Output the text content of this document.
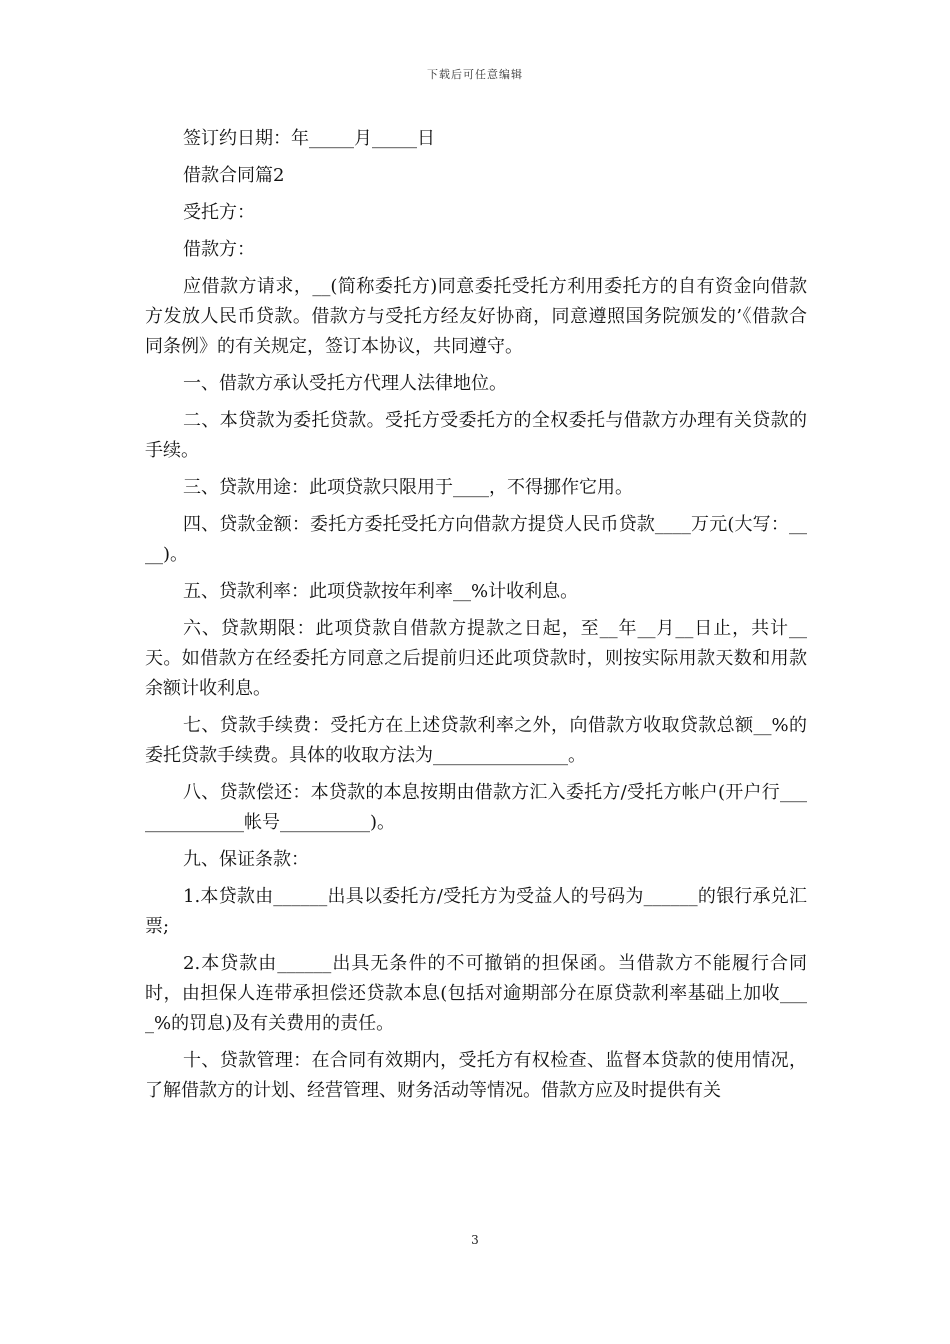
下载后可任意编辑

签订约日期：年_____月_____日

借款合同篇2

受托方：

借款方：

应借款方请求，__(简称委托方)同意委托受托方利用委托方的自有资金向借款方发放人民币贷款。借款方与受托方经友好协商，同意遵照国务院颁发的’《借款合同条例》的有关规定，签订本协议，共同遵守。

一、借款方承认受托方代理人法律地位。

二、本贷款为委托贷款。受托方受委托方的全权委托与借款方办理有关贷款的手续。

三、贷款用途：此项贷款只限用于____，不得挪作它用。

四、贷款金额：委托方委托受托方向借款方提贷人民币贷款____万元(大写：____)。

五、贷款利率：此项贷款按年利率__%计收利息。

六、贷款期限：此项贷款自借款方提款之日起，至__年__月__日止，共计__天。如借款方在经委托方同意之后提前归还此项贷款时，则按实际用款天数和用款余额计收利息。

七、贷款手续费：受托方在上述贷款利率之外，向借款方收取贷款总额__%的委托贷款手续费。具体的收取方法为_______________。

八、贷款偿还：本贷款的本息按期由借款方汇入委托方/受托方帐户(开户行______________帐号__________)。

九、保证条款：

1.本贷款由______出具以委托方/受托方为受益人的号码为______的银行承兑汇票;

2.本贷款由______出具无条件的不可撤销的担保函。当借款方不能履行合同时，由担保人连带承担偿还贷款本息(包括对逾期部分在原贷款利率基础上加收____%的罚息)及有关费用的责任。

十、贷款管理：在合同有效期内，受托方有权检查、监督本贷款的使用情况，了解借款方的计划、经营管理、财务活动等情况。借款方应及时提供有关

3
